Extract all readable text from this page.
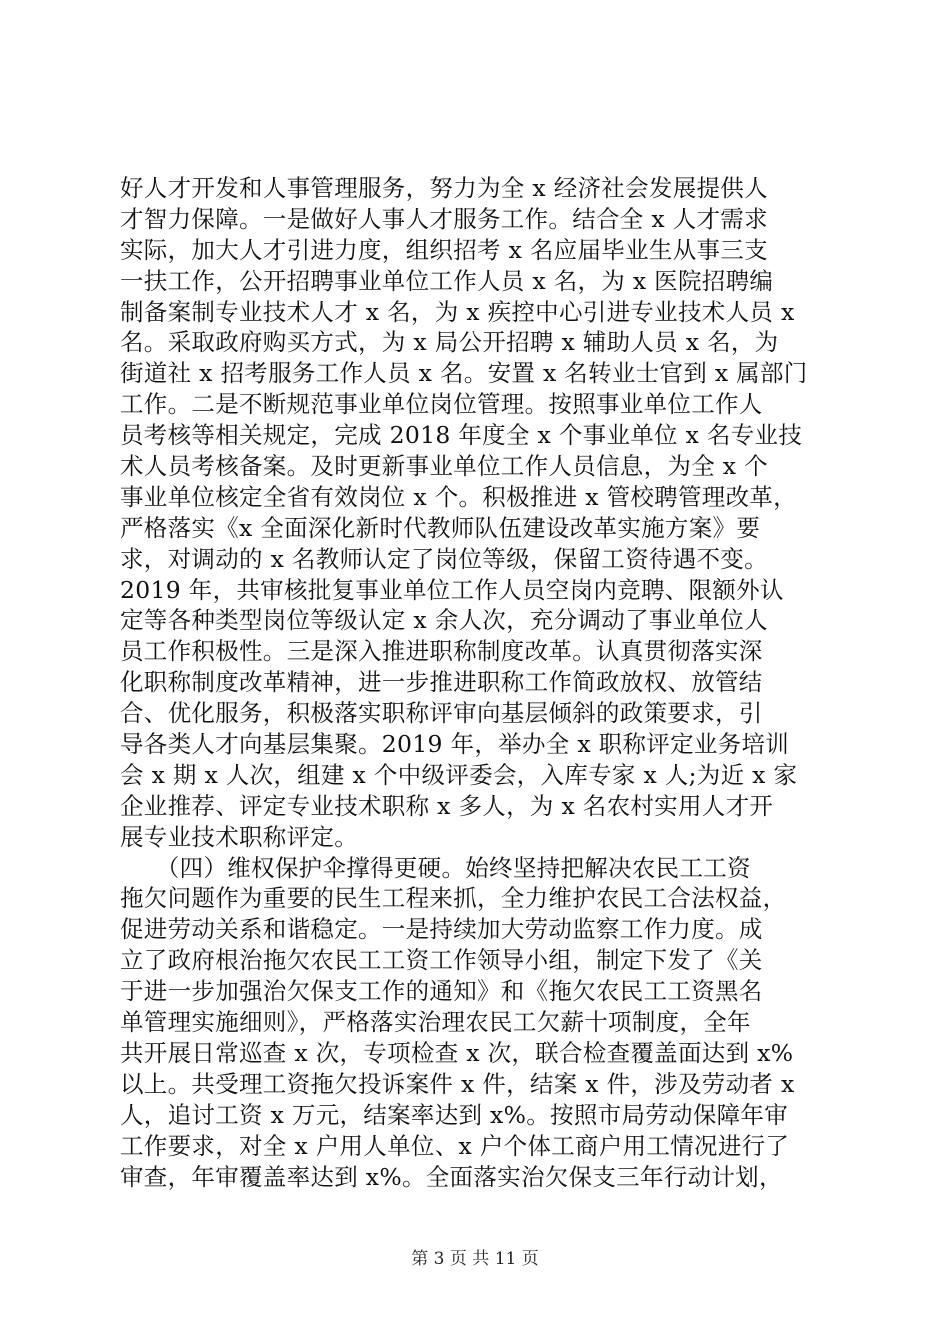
好人才开发和人事管理服务，努力为全 x 经济社会发展提供人
才智力保障。一是做好人事人才服务工作。结合全 x 人才需求
实际，加大人才引进力度，组织招考 x 名应届毕业生从事三支
一扶工作，公开招聘事业单位工作人员 x 名，为 x 医院招聘编
制备案制专业技术人才 x 名，为 x 疾控中心引进专业技术人员 x
名。采取政府购买方式，为 x 局公开招聘 x 辅助人员 x 名，为
街道社 x 招考服务工作人员 x 名。安置 x 名转业士官到 x 属部门
工作。二是不断规范事业单位岗位管理。按照事业单位工作人
员考核等相关规定，完成 2018 年度全 x 个事业单位 x 名专业技
术人员考核备案。及时更新事业单位工作人员信息，为全 x 个
事业单位核定全省有效岗位 x 个。积极推进 x 管校聘管理改革，
严格落实《x 全面深化新时代教师队伍建设改革实施方案》要
求，对调动的 x 名教师认定了岗位等级，保留工资待遇不变。
2019 年，共审核批复事业单位工作人员空岗内竞聘、限额外认
定等各种类型岗位等级认定 x 余人次，充分调动了事业单位人
员工作积极性。三是深入推进职称制度改革。认真贯彻落实深
化职称制度改革精神，进一步推进职称工作简政放权、放管结
合、优化服务，积极落实职称评审向基层倾斜的政策要求，引
导各类人才向基层集聚。2019 年，举办全 x 职称评定业务培训
会 x 期 x 人次，组建 x 个中级评委会，入库专家 x 人;为近 x 家
企业推荐、评定专业技术职称 x 多人，为 x 名农村实用人才开
展专业技术职称评定。
　　（四）维权保护伞撑得更硬。始终坚持把解决农民工工资
拖欠问题作为重要的民生工程来抓，全力维护农民工合法权益，
促进劳动关系和谐稳定。一是持续加大劳动监察工作力度。成
立了政府根治拖欠农民工工资工作领导小组，制定下发了《关
于进一步加强治欠保支工作的通知》和《拖欠农民工工资黑名
单管理实施细则》，严格落实治理农民工欠薪十项制度，全年
共开展日常巡查 x 次，专项检查 x 次，联合检查覆盖面达到 x%
以上。共受理工资拖欠投诉案件 x 件，结案 x 件，涉及劳动者 x
人，追讨工资 x 万元，结案率达到 x%。按照市局劳动保障年审
工作要求，对全 x 户用人单位、x 户个体工商户用工情况进行了
审查，年审覆盖率达到 x%。全面落实治欠保支三年行动计划，
第 3 页 共 11 页
